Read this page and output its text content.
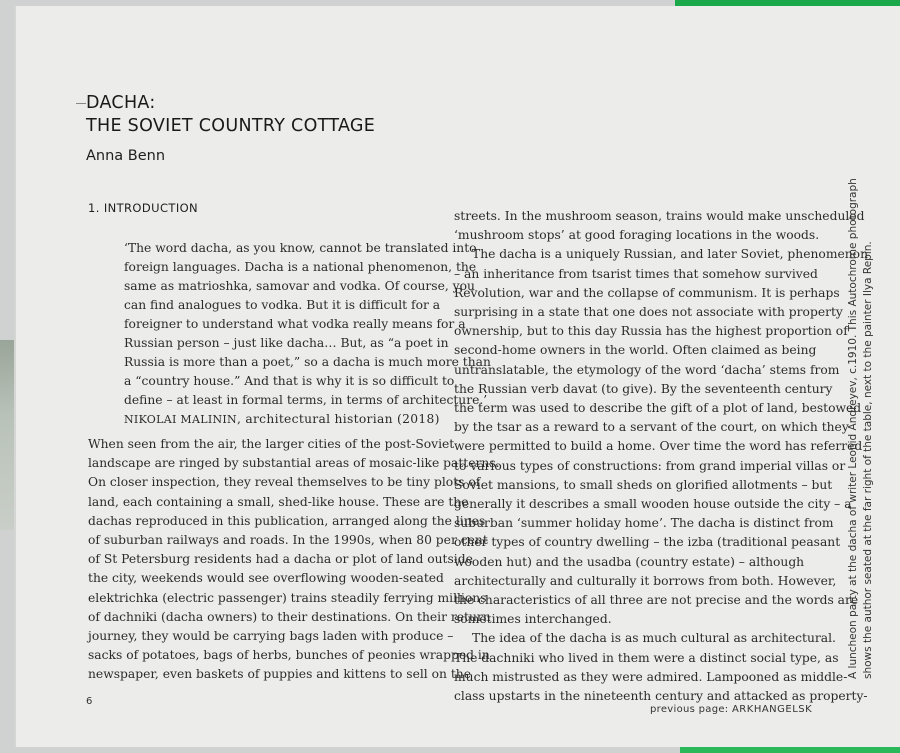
DACHA:
THE SOVIET COUNTRY COTTAGE
Anna Benn
1. INTRODUCTION
‘The word dacha, as you know, cannot be translated into
foreign languages. Dacha is a national phenomenon, the
same as matrioshka, samovar and vodka. Of course, you
can find analogues to vodka. But it is difficult for a
foreigner to understand what vodka really means for a
Russian person – just like dacha… But, as “a poet in
Russia is more than a poet,” so a dacha is much more than
a “country house.” And that is why it is so difficult to
define – at least in formal terms, in terms of architecture.’
NIKOLAI MALININ, architectural historian (2018)
When seen from the air, the larger cities of the post-Soviet
landscape are ringed by substantial areas of mosaic-like patterns.
On closer inspection, they reveal themselves to be tiny plots of
land, each containing a small, shed-like house. These are the
dachas reproduced in this publication, arranged along the lines
of suburban railways and roads. In the 1990s, when 80 per cent
of St Petersburg residents had a dacha or plot of land outside
the city, weekends would see overflowing wooden-seated
elektrichka (electric passenger) trains steadily ferrying millions
of dachniki (dacha owners) to their destinations. On their return
journey, they would be carrying bags laden with produce –
sacks of potatoes, bags of herbs, bunches of peonies wrapped in
newspaper, even baskets of puppies and kittens to sell on the
streets. In the mushroom season, trains would make unscheduled
‘mushroom stops’ at good foraging locations in the woods.
The dacha is a uniquely Russian, and later Soviet, phenomenon
– an inheritance from tsarist times that somehow survived
Revolution, war and the collapse of communism. It is perhaps
surprising in a state that one does not associate with property
ownership, but to this day Russia has the highest proportion of
second-home owners in the world. Often claimed as being
untranslatable, the etymology of the word ‘dacha’ stems from
the Russian verb davat (to give). By the seventeenth century
the term was used to describe the gift of a plot of land, bestowed
by the tsar as a reward to a servant of the court, on which they
were permitted to build a home. Over time the word has referred
to various types of constructions: from grand imperial villas or
Soviet mansions, to small sheds on glorified allotments – but
generally it describes a small wooden house outside the city – a
suburban ‘summer holiday home’. The dacha is distinct from
other types of country dwelling – the izba (traditional peasant
wooden hut) and the usadba (country estate) – although
architecturally and culturally it borrows from both. However,
the characteristics of all three are not precise and the words are
sometimes interchanged.
The idea of the dacha is as much cultural as architectural.
The dachniki who lived in them were a distinct social type, as
much mistrusted as they were admired. Lampooned as middle-
class upstarts in the nineteenth century and attacked as property-
6
previous page: ARKHANGELSK
A luncheon party at the dacha of writer Leonid Andreyev, c.1910. This Autochrome photograph shows the author seated at the far right of the table, next to the painter Ilya Repin.
